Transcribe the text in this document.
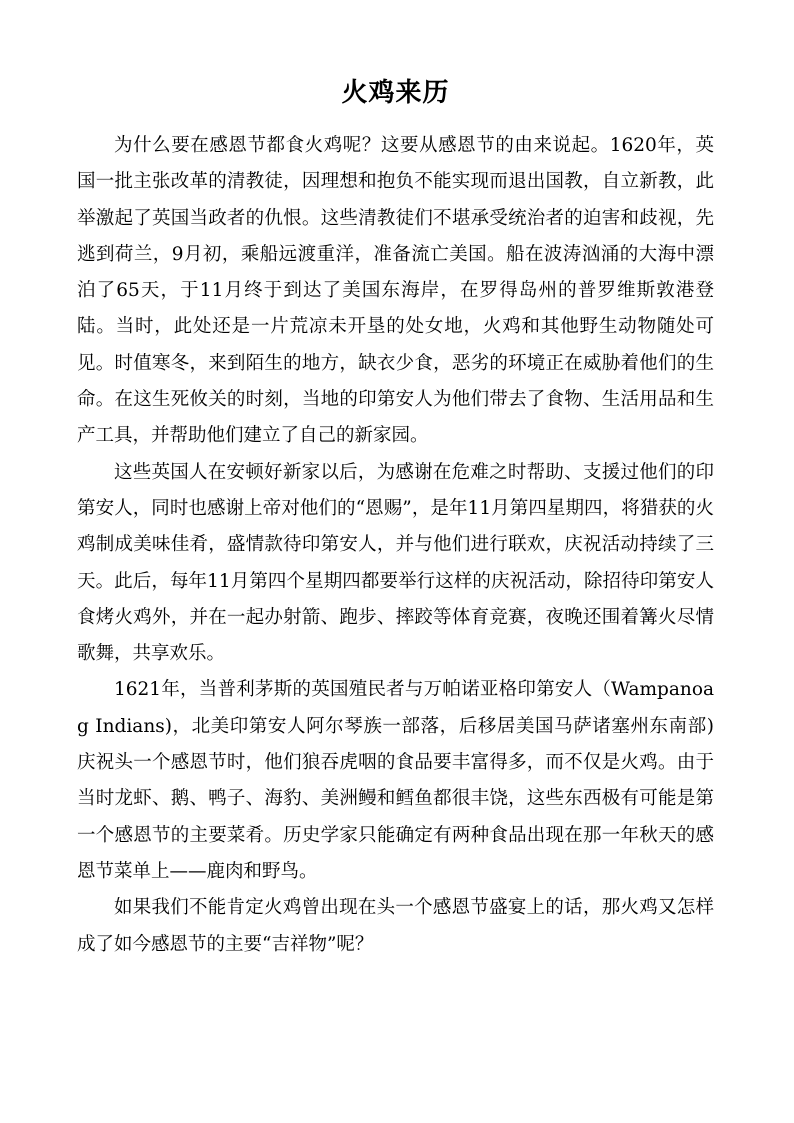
火鸡来历

为什么要在感恩节都食火鸡呢？这要从感恩节的由来说起。1620年，英国一批主张改革的清教徒，因理想和抱负不能实现而退出国教，自立新教，此举激起了英国当政者的仇恨。这些清教徒们不堪承受统治者的迫害和歧视，先逃到荷兰，9月初，乘船远渡重洋，准备流亡美国。船在波涛汹涌的大海中漂泊了65天，于11月终于到达了美国东海岸，在罗得岛州的普罗维斯敦港登陆。当时，此处还是一片荒凉未开垦的处女地，火鸡和其他野生动物随处可见。时值寒冬，来到陌生的地方，缺衣少食，恶劣的环境正在威胁着他们的生命。在这生死攸关的时刻，当地的印第安人为他们带去了食物、生活用品和生产工具，并帮助他们建立了自己的新家园。

这些英国人在安顿好新家以后，为感谢在危难之时帮助、支援过他们的印第安人，同时也感谢上帝对他们的“恩赐”，是年11月第四星期四，将猎获的火鸡制成美味佳肴，盛情款待印第安人，并与他们进行联欢，庆祝活动持续了三天。此后，每年11月第四个星期四都要举行这样的庆祝活动，除招待印第安人食烤火鸡外，并在一起办射箭、跑步、摔跤等体育竞赛，夜晚还围着篝火尽情歌舞，共享欢乐。

1621年，当普利茅斯的英国殖民者与万帕诺亚格印第安人（Wampanoag Indians)，北美印第安人阿尔琴族一部落，后移居美国马萨诸塞州东南部)庆祝头一个感恩节时，他们狼吞虎咽的食品要丰富得多，而不仅是火鸡。由于当时龙虾、鹅、鸭子、海豹、美洲鳗和鳕鱼都很丰饶，这些东西极有可能是第一个感恩节的主要菜肴。历史学家只能确定有两种食品出现在那一年秋天的感恩节菜单上——鹿肉和野鸟。

如果我们不能肯定火鸡曾出现在头一个感恩节盛宴上的话，那火鸡又怎样成了如今感恩节的主要“吉祥物”呢？
